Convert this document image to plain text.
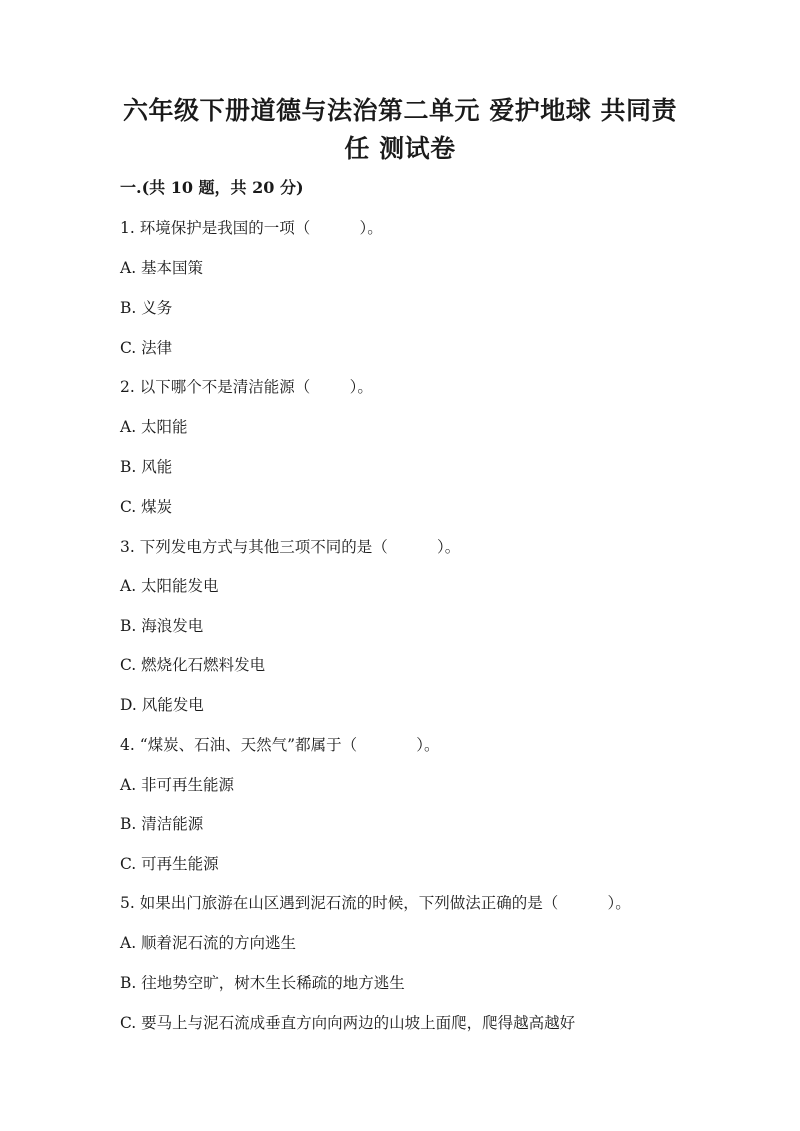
六年级下册道德与法治第二单元 爱护地球 共同责
任 测试卷
一.(共 10 题，共 20 分)
1. 环境保护是我国的一项（          ）。
A. 基本国策
B. 义务
C. 法律
2. 以下哪个不是清洁能源（        ）。
A. 太阳能
B. 风能
C. 煤炭
3. 下列发电方式与其他三项不同的是（          ）。
A. 太阳能发电
B. 海浪发电
C. 燃烧化石燃料发电
D. 风能发电
4. “煤炭、石油、天然气”都属于（            ）。
A. 非可再生能源
B. 清洁能源
C. 可再生能源
5. 如果出门旅游在山区遇到泥石流的时候，下列做法正确的是（          ）。
A. 顺着泥石流的方向逃生
B. 往地势空旷，树木生长稀疏的地方逃生
C. 要马上与泥石流成垂直方向向两边的山坡上面爬，爬得越高越好
